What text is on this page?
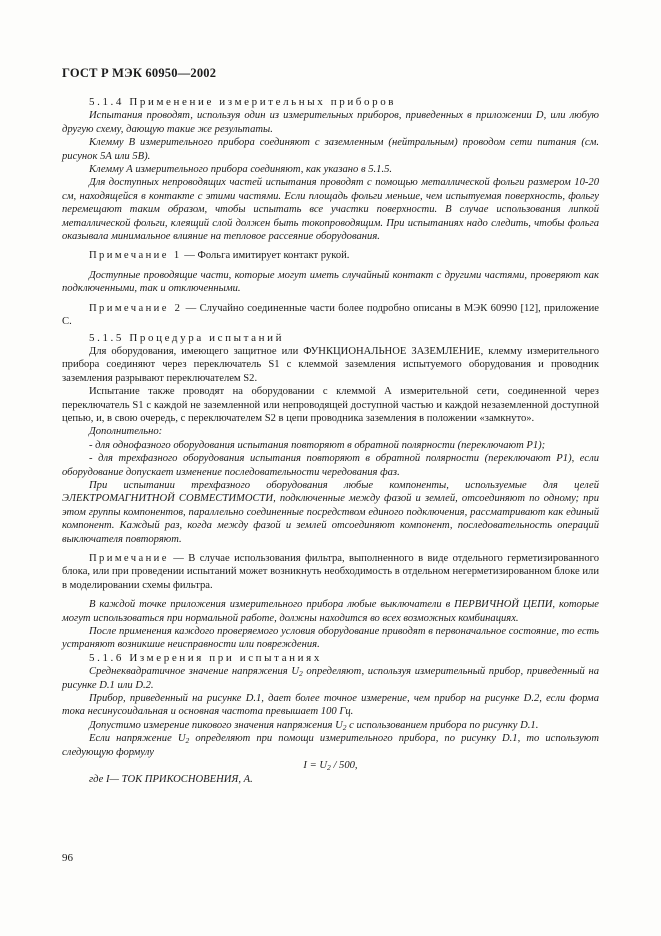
ГОСТ Р МЭК 60950—2002

5.1.4 Применение измерительных приборов

Испытания проводят, используя один из измерительных приборов, приведенных в приложении D, или любую другую схему, дающую такие же результаты.

Клемму В измерительного прибора соединяют с заземленным (нейтральным) проводом сети питания (см. рисунок 5А или 5В).

Клемму А измерительного прибора соединяют, как указано в 5.1.5.

Для доступных непроводящих частей испытания проводят с помощью металлической фольги размером 10-20 см, находящейся в контакте с этими частями. Если площадь фольги меньше, чем испытуемая поверхность, фольгу перемещают таким образом, чтобы испытать все участки поверхности. В случае использования липкой металлической фольги, клеящий слой должен быть токопроводящим. При испытаниях надо следить, чтобы фольга оказывала минимальное влияние на тепловое рассеяние оборудования.

Примечание 1 — Фольга имитирует контакт рукой.

Доступные проводящие части, которые могут иметь случайный контакт с другими частями, проверяют как подключенными, так и отключенными.

Примечание 2 — Случайно соединенные части более подробно описаны в МЭК 60990 [12], приложение С.

5.1.5 Процедура испытаний

Для оборудования, имеющего защитное или ФУНКЦИОНАЛЬНОЕ ЗАЗЕМЛЕНИЕ, клемму измерительного прибора соединяют через переключатель S1 с клеммой заземления испытуемого оборудования и проводник заземления разрывают переключателем S2.

Испытание также проводят на оборудовании с клеммой А измерительной сети, соединенной через переключатель S1 с каждой не заземленной или непроводящей доступной частью и каждой незаземленной доступной цепью, и, в свою очередь, с переключателем S2 в цепи проводника заземления в положении «замкнуто».

Дополнительно:

- для однофазного оборудования испытания повторяют в обратной полярности (переключают Р1);

- для трехфазного оборудования испытания повторяют в обратной полярности (переключают Р1), если оборудование допускает изменение последовательности чередования фаз.

При испытании трехфазного оборудования любые компоненты, используемые для целей ЭЛЕКТРОМАГНИТНОЙ СОВМЕСТИМОСТИ, подключенные между фазой и землей, отсоединяют по одному; при этом группы компонентов, параллельно соединенные посредством единого подключения, рассматривают как единый компонент. Каждый раз, когда между фазой и землей отсоединяют компонент, последовательность операций выключателя повторяют.

Примечание — В случае использования фильтра, выполненного в виде отдельного герметизированного блока, или при проведении испытаний может возникнуть необходимость в отдельном негерметизированном блоке или в моделировании схемы фильтра.

В каждой точке приложения измерительного прибора любые выключатели в ПЕРВИЧНОЙ ЦЕПИ, которые могут использоваться при нормальной работе, должны находится во всех возможных комбинациях.

После применения каждого проверяемого условия оборудование приводят в первоначальное состояние, то есть устраняют возникшие неисправности или повреждения.

5.1.6 Измерения при испытаниях

Среднеквадратичное значение напряжения $U_2$ определяют, используя измерительный прибор, приведенный на рисунке D.1 или D.2.

Прибор, приведенный на рисунке D.1, дает более точное измерение, чем прибор на рисунке D.2, если форма тока несинусоидальная и основная частота превышает 100 Гц.

Допустимо измерение пикового значения напряжения $U_2$ с использованием прибора по рисунку D.1.

Если напряжение $U_2$ определяют при помощи измерительного прибора, по рисунку D.1, то используют следующую формулу

$I = U_2 / 500$,

где I— ТОК ПРИКОСНОВЕНИЯ, А.

96
